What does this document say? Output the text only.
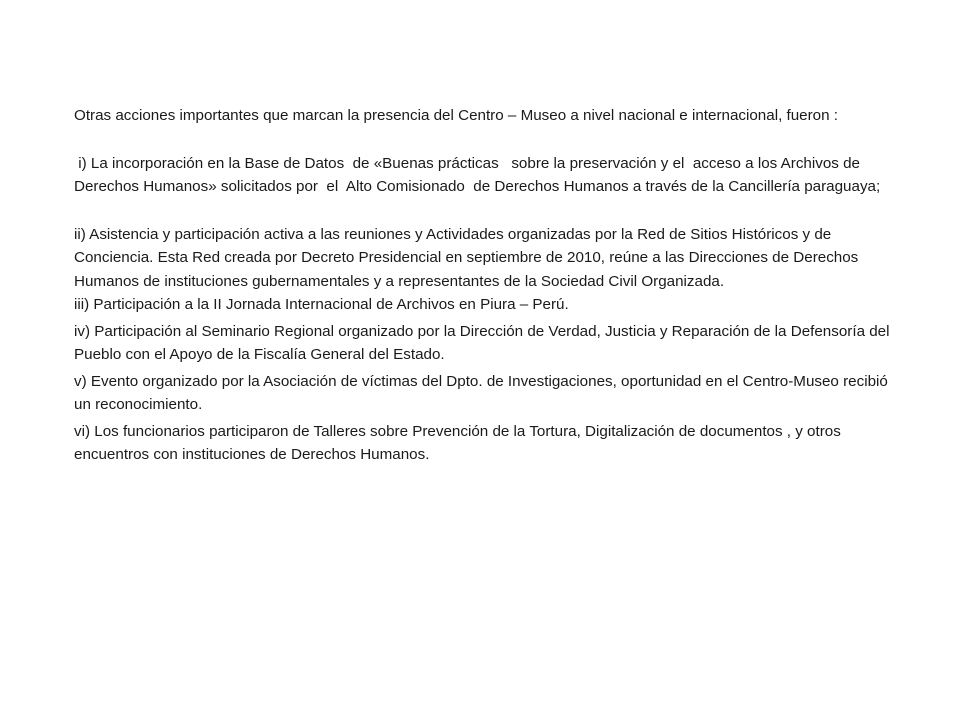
Otras acciones importantes que marcan la presencia del Centro – Museo a nivel nacional e internacional, fueron :

i) La incorporación en la Base de Datos  de «Buenas prácticas   sobre la preservación y el  acceso a los Archivos de Derechos Humanos» solicitados por  el  Alto Comisionado  de Derechos Humanos a través de la Cancillería paraguaya;

ii) Asistencia y participación activa a las reuniones y Actividades organizadas por la Red de Sitios Históricos y de Conciencia. Esta Red creada por Decreto Presidencial en septiembre de 2010, reúne a las Direcciones de Derechos Humanos de instituciones gubernamentales y a representantes de la Sociedad Civil Organizada.

iii) Participación a la II Jornada Internacional de Archivos en Piura – Perú.

iv) Participación al Seminario Regional organizado por la Dirección de Verdad, Justicia y Reparación de la Defensoría del Pueblo con el Apoyo de la Fiscalía General del Estado.

v) Evento organizado por la Asociación de víctimas del Dpto. de Investigaciones, oportunidad en el Centro-Museo recibió un reconocimiento.

vi) Los funcionarios participaron de Talleres sobre Prevención de la Tortura, Digitalización de documentos , y otros encuentros con instituciones de Derechos Humanos.
